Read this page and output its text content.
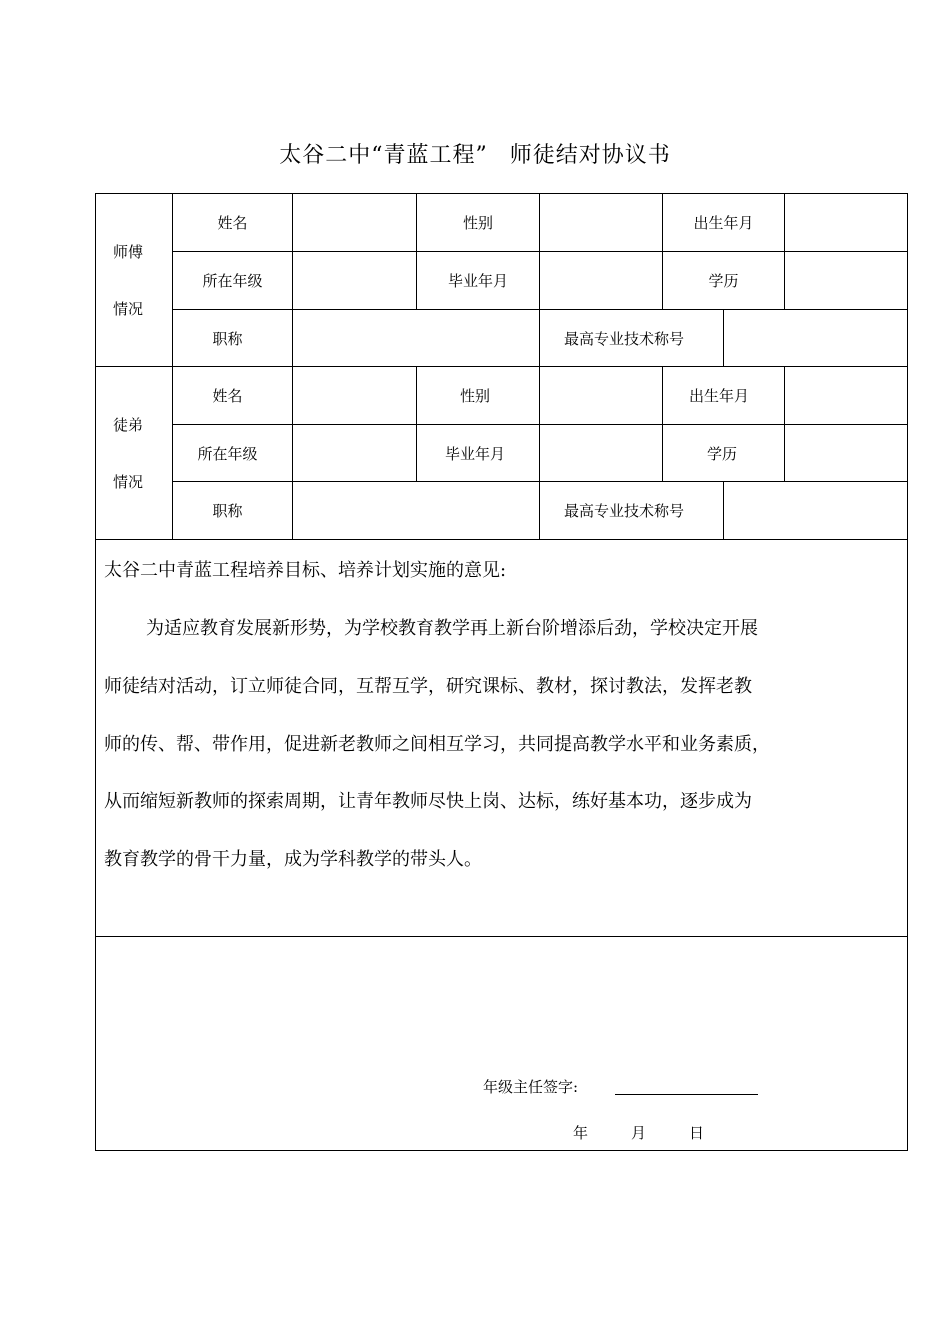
太谷二中“青蓝工程” 师徒结对协议书
师傅
情况
姓名	性别	出生年月
所在年级	毕业年月	学历
职称	最高专业技术称号
徒弟
情况
姓名	性别	出生年月
所在年级	毕业年月	学历
职称	最高专业技术称号
太谷二中青蓝工程培养目标、培养计划实施的意见:
为适应教育发展新形势，为学校教育教学再上新台阶增添后劲，学校决定开展
师徒结对活动，订立师徒合同，互帮互学，研究课标、教材，探讨教法，发挥老教
师的传、帮、带作用，促进新老教师之间相互学习，共同提高教学水平和业务素质，
从而缩短新教师的探索周期，让青年教师尽快上岗、达标，练好基本功，逐步成为
教育教学的骨干力量，成为学科教学的带头人。
年级主任签字:
年	月	日
